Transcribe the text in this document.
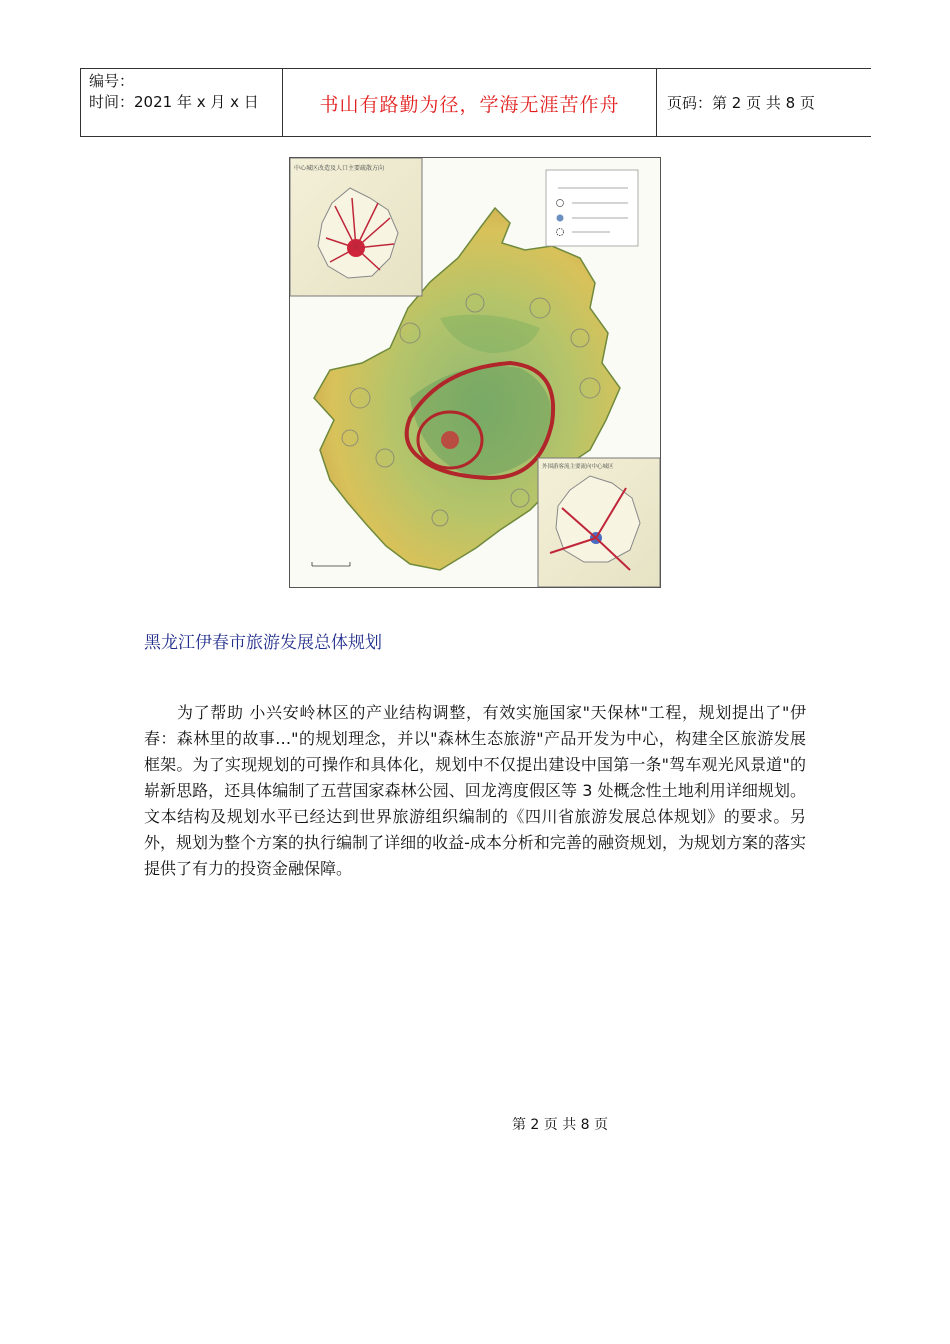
编号：
时间：2021 年 x 月 x 日	书山有路勤为径，学海无涯苦作舟	页码：第 2 页 共 8 页
中心城区改造及人口主要疏散方向
外围游客流主要流向中心城区
黑龙江伊春市旅游发展总体规划
为了帮助 小兴安岭林区的产业结构调整，有效实施国家"天保林"工程，规划提出了"伊春：森林里的故事…"的规划理念，并以"森林生态旅游"产品开发为中心，构建全区旅游发展框架。为了实现规划的可操作和具体化，规划中不仅提出建设中国第一条"驾车观光风景道"的崭新思路，还具体编制了五营国家森林公园、回龙湾度假区等 3 处概念性土地利用详细规划。文本结构及规划水平已经达到世界旅游组织编制的《四川省旅游发展总体规划》的要求。另外，规划为整个方案的执行编制了详细的收益-成本分析和完善的融资规划，为规划方案的落实提供了有力的投资金融保障。
第 2 页 共 8 页
